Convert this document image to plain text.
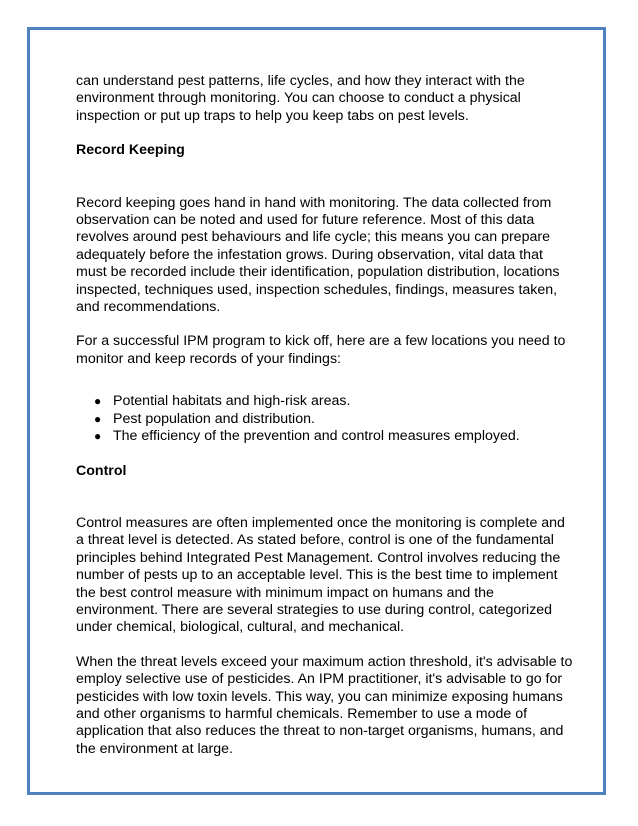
can understand pest patterns, life cycles, and how they interact with the environment through monitoring. You can choose to conduct a physical inspection or put up traps to help you keep tabs on pest levels.

Record Keeping

Record keeping goes hand in hand with monitoring. The data collected from observation can be noted and used for future reference. Most of this data revolves around pest behaviours and life cycle; this means you can prepare adequately before the infestation grows. During observation, vital data that must be recorded include their identification, population distribution, locations inspected, techniques used, inspection schedules, findings, measures taken, and recommendations.

For a successful IPM program to kick off, here are a few locations you need to monitor and keep records of your findings:

● Potential habitats and high-risk areas.
● Pest population and distribution.
● The efficiency of the prevention and control measures employed.

Control

Control measures are often implemented once the monitoring is complete and a threat level is detected. As stated before, control is one of the fundamental principles behind Integrated Pest Management. Control involves reducing the number of pests up to an acceptable level. This is the best time to implement the best control measure with minimum impact on humans and the environment. There are several strategies to use during control, categorized under chemical, biological, cultural, and mechanical.

When the threat levels exceed your maximum action threshold, it's advisable to employ selective use of pesticides. An IPM practitioner, it's advisable to go for pesticides with low toxin levels. This way, you can minimize exposing humans and other organisms to harmful chemicals. Remember to use a mode of application that also reduces the threat to non-target organisms, humans, and the environment at large.
